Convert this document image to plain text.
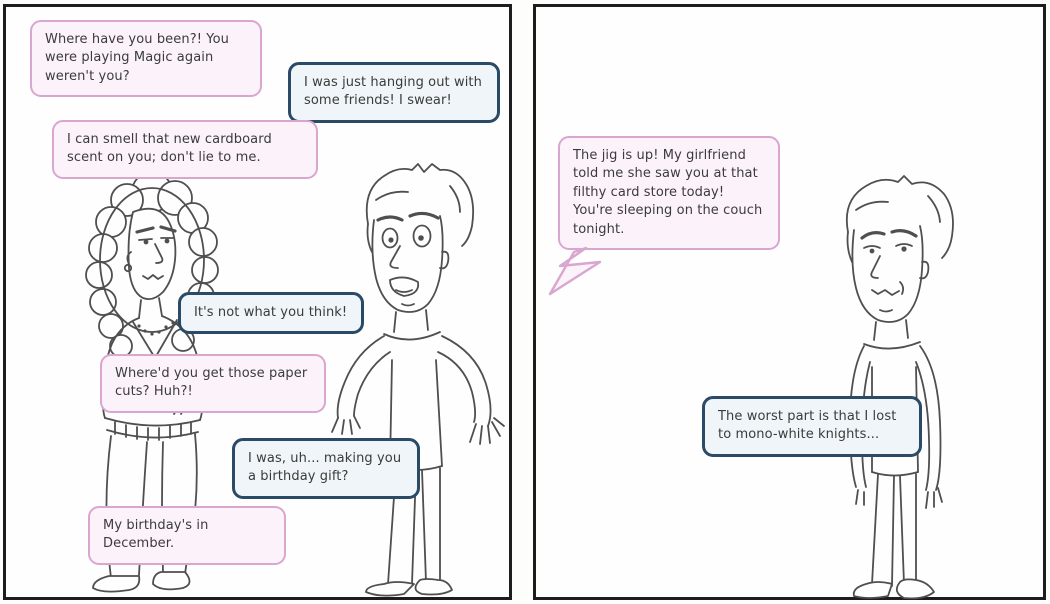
Where have you been?! You were playing Magic again weren't you?	I was just hanging out with some friends! I swear!
I can smell that new cardboard scent on you; don't lie to me.
It's not what you think!
Where'd you get those paper cuts? Huh?!
I was, uh... making you a birthday gift?
My birthday's in December.
The jig is up! My girlfriend told me she saw you at that filthy card store today! You're sleeping on the couch tonight.
The worst part is that I lost to mono-white knights...
